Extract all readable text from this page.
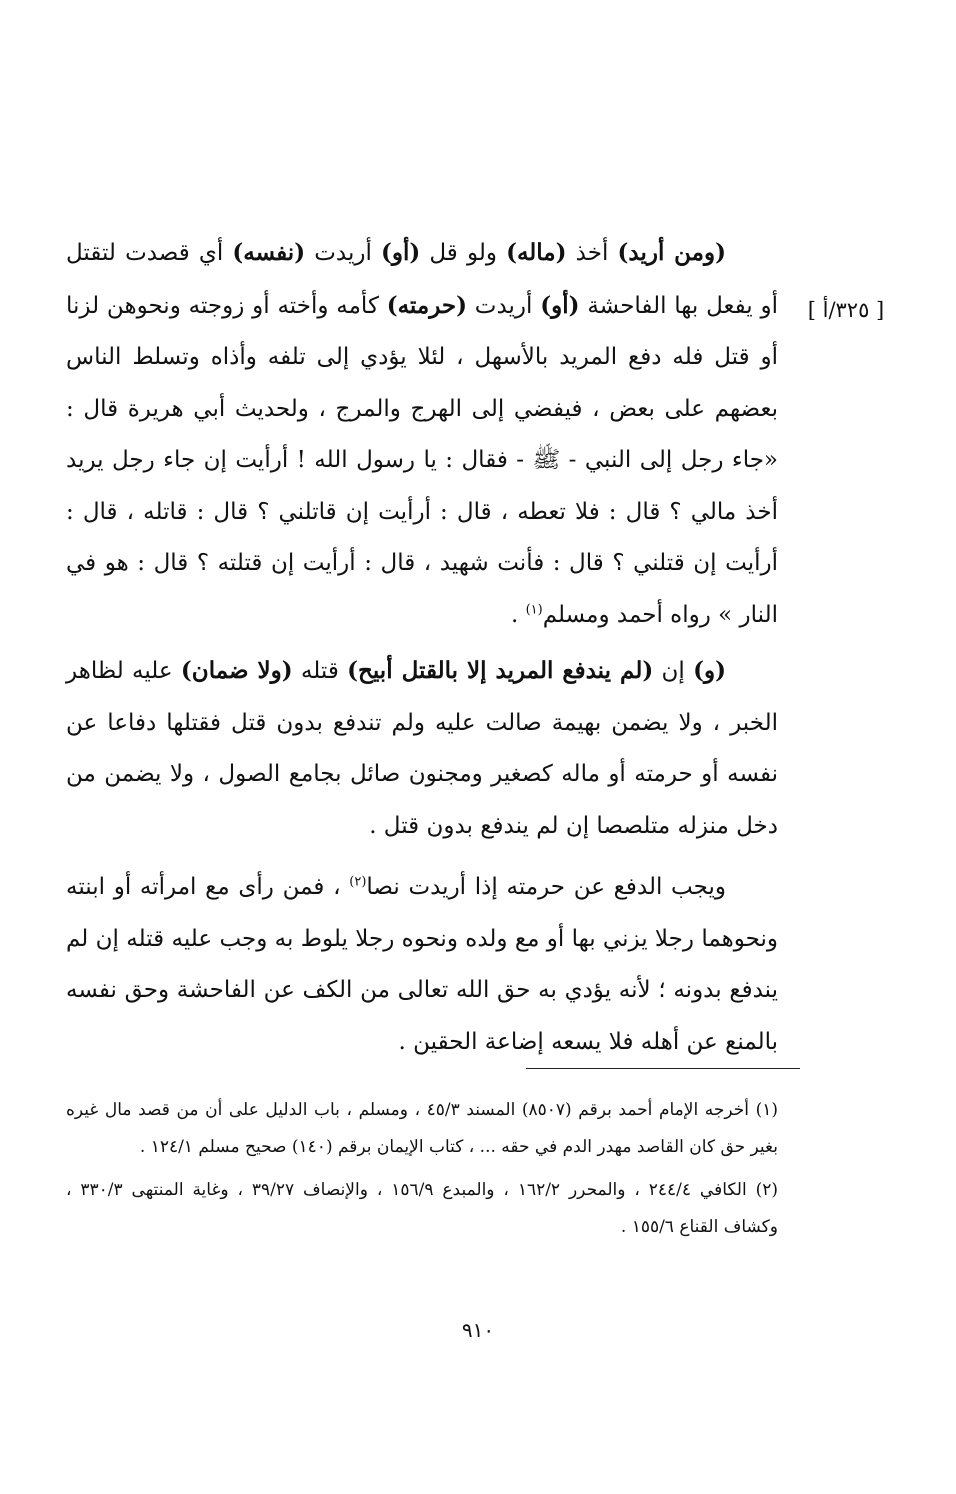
[ ٣٢٥/أ ]

(ومن أريد) أخذ (ماله) ولو قل (أو) أريدت (نفسه) أي قصدت لتقتل أو يفعل بها الفاحشة (أو) أريدت (حرمته) كأمه وأخته أو زوجته ونحوهن لزنا أو قتل فله دفع المريد بالأسهل ، لئلا يؤدي إلى تلفه وأذاه وتسلط الناس بعضهم على بعض ، فيفضي إلى الهرج والمرج ، ولحديث أبي هريرة قال : «جاء رجل إلى النبي - ﷺ - فقال : يا رسول الله ! أرأيت إن جاء رجل يريد أخذ مالي ؟ قال : فلا تعطه ، قال : أرأيت إن قاتلني ؟ قال : قاتله ، قال : أرأيت إن قتلني ؟ قال : فأنت شهيد ، قال : أرأيت إن قتلته ؟ قال : هو في النار » رواه أحمد ومسلم$^{(١)}$ .

(و) إن (لم يندفع المريد إلا بالقتل أبيح) قتله (ولا ضمان) عليه لظاهر الخبر ، ولا يضمن بهيمة صالت عليه ولم تندفع بدون قتل فقتلها دفاعا عن نفسه أو حرمته أو ماله كصغير ومجنون صائل بجامع الصول ، ولا يضمن من دخل منزله متلصصا إن لم يندفع بدون قتل .

ويجب الدفع عن حرمته إذا أريدت نصا$^{(٢)}$ ، فمن رأى مع امرأته أو ابنته ونحوهما رجلا يزني بها أو مع ولده ونحوه رجلا يلوط به وجب عليه قتله إن لم يندفع بدونه ؛ لأنه يؤدي به حق الله تعالى من الكف عن الفاحشة وحق نفسه بالمنع عن أهله فلا يسعه إضاعة الحقين .

(١) أخرجه الإمام أحمد برقم (٨٥٠٧) المسند ٤٥/٣ ، ومسلم ، باب الدليل على أن من قصد مال غيره بغير حق كان القاصد مهدر الدم في حقه ... ، كتاب الإيمان برقم (١٤٠) صحيح مسلم ١٢٤/١ .

(٢) الكافي ٢٤٤/٤ ، والمحرر ١٦٢/٢ ، والمبدع ١٥٦/٩ ، والإنصاف ٣٩/٢٧ ، وغاية المنتهى ٣٣٠/٣ ، وكشاف القناع ١٥٥/٦ .

٩١٠
